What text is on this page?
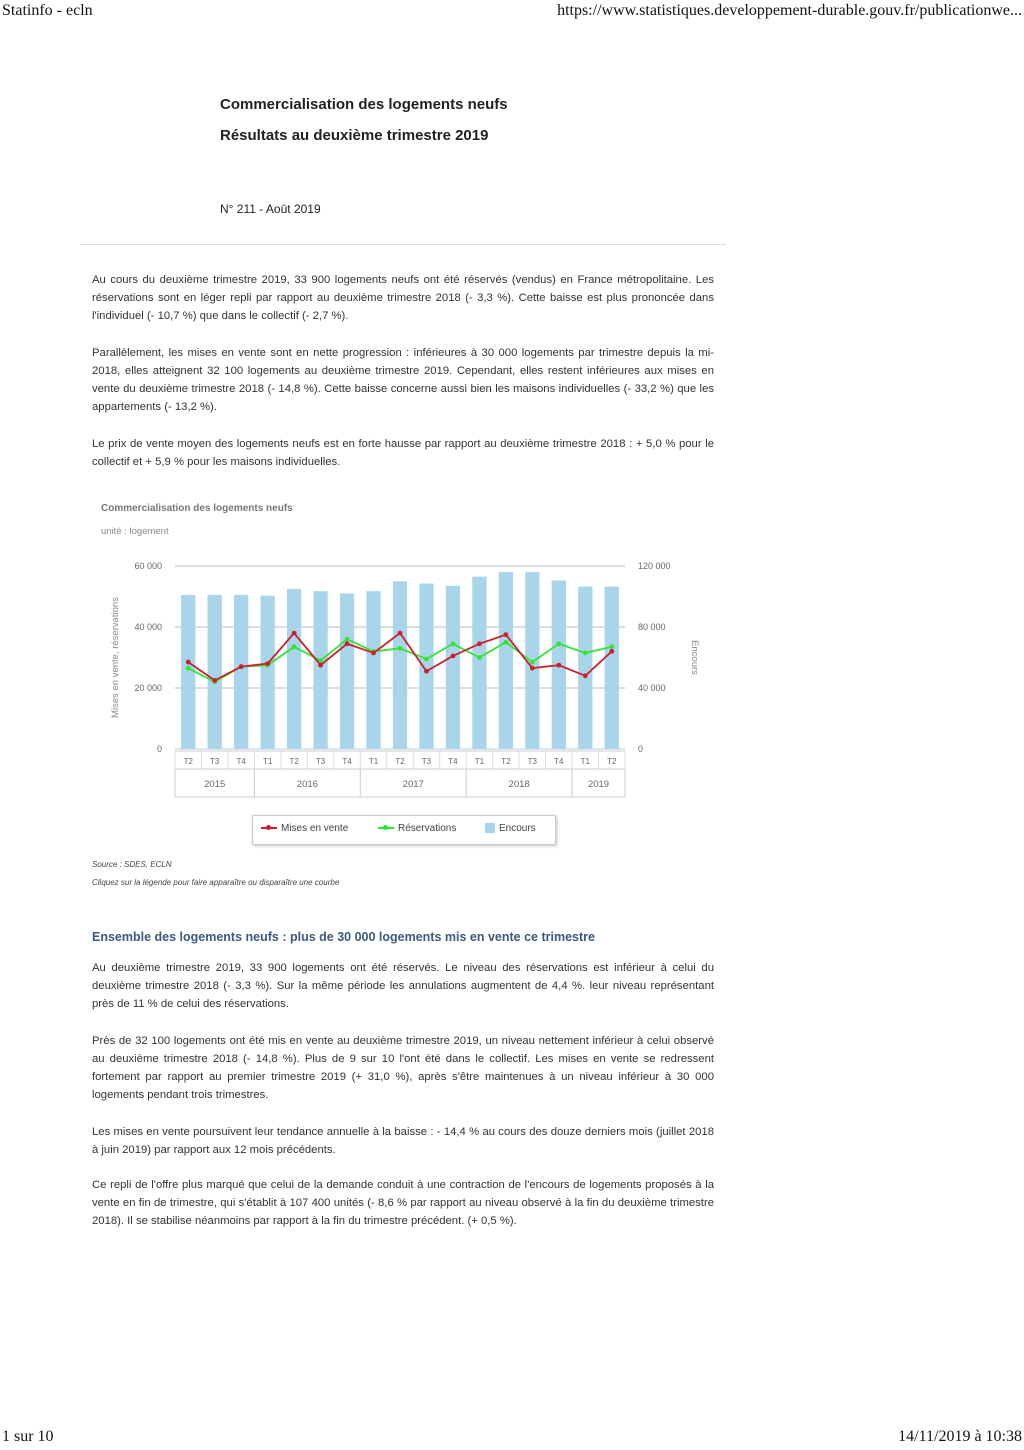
Statinfo - ecln	https://www.statistiques.developpement-durable.gouv.fr/publicationwe...

Commercialisation des logements neufs

Résultats au deuxième trimestre 2019

N° 211 - Août 2019

Au cours du deuxième trimestre 2019, 33 900 logements neufs ont été réservés (vendus) en France métropolitaine. Les réservations sont en léger repli par rapport au deuxième trimestre 2018 (- 3,3 %). Cette baisse est plus prononcée dans l'individuel (- 10,7 %) que dans le collectif (- 2,7 %).

Parallèlement, les mises en vente sont en nette progression : inférieures à 30 000 logements par trimestre depuis la mi-2018, elles atteignent 32 100 logements au deuxième trimestre 2019. Cependant, elles restent inférieures aux mises en vente du deuxième trimestre 2018 (- 14,8 %). Cette baisse concerne aussi bien les maisons individuelles (- 33,2 %) que les appartements (- 13,2 %).

Le prix de vente moyen des logements neufs est en forte hausse par rapport au deuxième trimestre 2018 : + 5,0 % pour le collectif et + 5,9 % pour les maisons individuelles.

Commercialisation des logements neufs
unité : logement
0
20 000
40 000
60 000
0
40 000
80 000
120 000
Mises en vente, réservations	Encours
T2 T3 T4 T1 T2 T3 T4 T1 T2 T3 T4 T1 T2 T3 T4 T1 T2
2015	2016	2017	2018	2019
Mises en vente	Réservations	Encours
Source : SDES, ECLN
Cliquez sur la légende pour faire apparaître ou disparaître une courbe
Ensemble des logements neufs : plus de 30 000 logements mis en vente ce trimestre

Au deuxième trimestre 2019, 33 900 logements ont été réservés. Le niveau des réservations est inférieur à celui du deuxième trimestre 2018 (- 3,3 %). Sur la même période les annulations augmentent de 4,4 %. leur niveau représentant près de 11 % de celui des réservations.

Près de 32 100 logements ont été mis en vente au deuxième trimestre 2019, un niveau nettement inférieur à celui observé au deuxième trimestre 2018 (- 14,8 %). Plus de 9 sur 10 l'ont été dans le collectif. Les mises en vente se redressent fortement par rapport au premier trimestre 2019 (+ 31,0 %), après s'être maintenues à un niveau inférieur à 30 000 logements pendant trois trimestres.

Les mises en vente poursuivent leur tendance annuelle à la baisse : - 14,4 % au cours des douze derniers mois (juillet 2018 à juin 2019) par rapport aux 12 mois précédents.

Ce repli de l'offre plus marqué que celui de la demande conduit à une contraction de l'encours de logements proposés à la vente en fin de trimestre, qui s'établit à 107 400 unités (- 8,6 % par rapport au niveau observé à la fin du deuxième trimestre 2018). Il se stabilise néanmoins par rapport à la fin du trimestre précédent. (+ 0,5 %).

1 sur 10	14/11/2019 à 10:38
